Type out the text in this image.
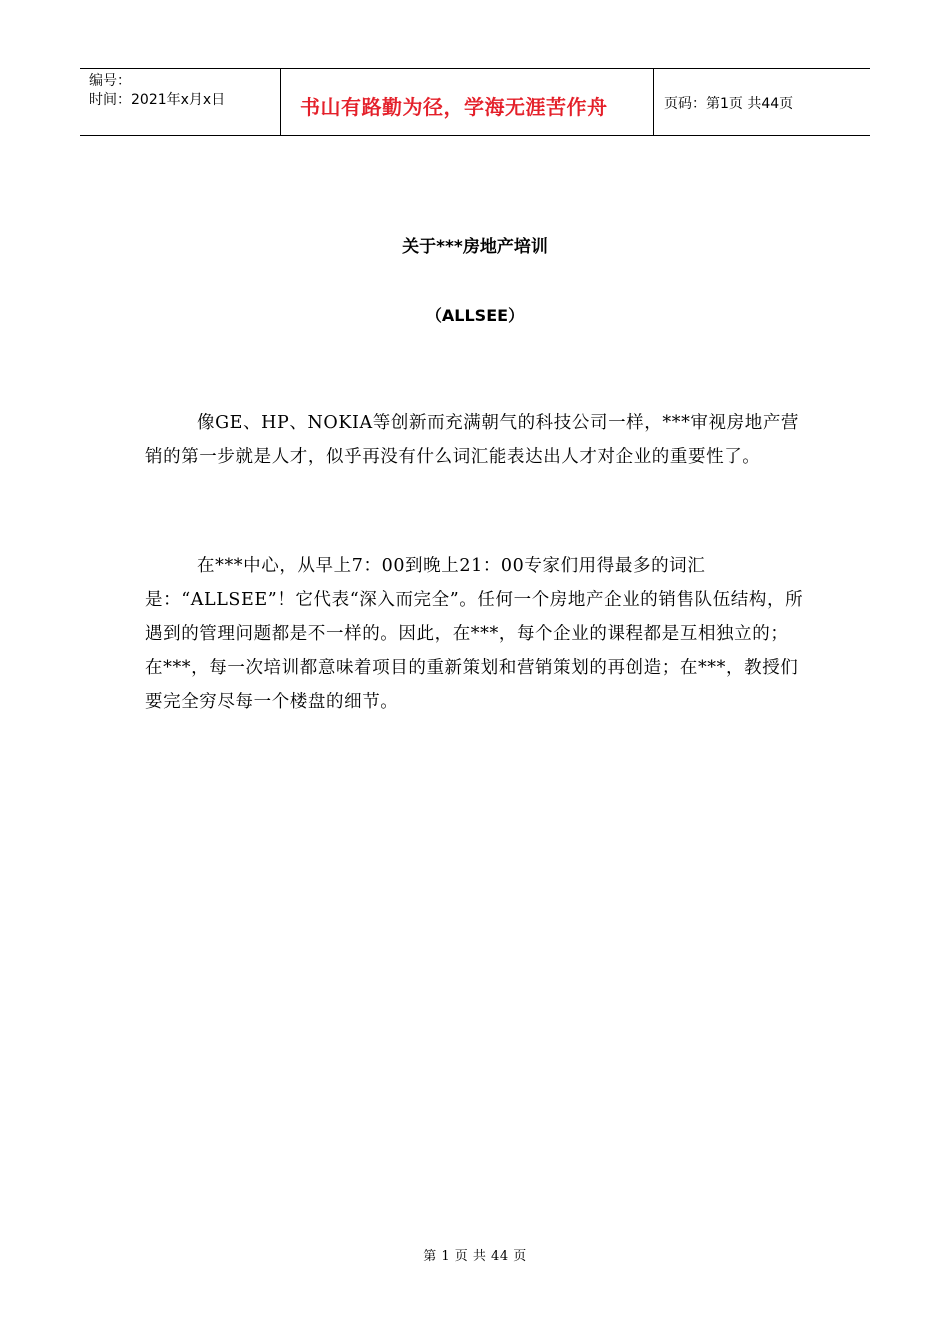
编号：
时间：2021年x月x日	书山有路勤为径，学海无涯苦作舟	页码：第1页 共44页
关于***房地产培训
（ALLSEE）

像GE、HP、NOKIA等创新而充满朝气的科技公司一样，***审视房地产营销的第一步就是人才，似乎再没有什么词汇能表达出人才对企业的重要性了。

在***中心，从早上7：00到晚上21：00专家们用得最多的词汇是：“ALLSEE”！它代表“深入而完全”。任何一个房地产企业的销售队伍结构，所遇到的管理问题都是不一样的。因此，在***，每个企业的课程都是互相独立的；在***，每一次培训都意味着项目的重新策划和营销策划的再创造；在***，教授们要完全穷尽每一个楼盘的细节。

第 1 页 共 44 页
